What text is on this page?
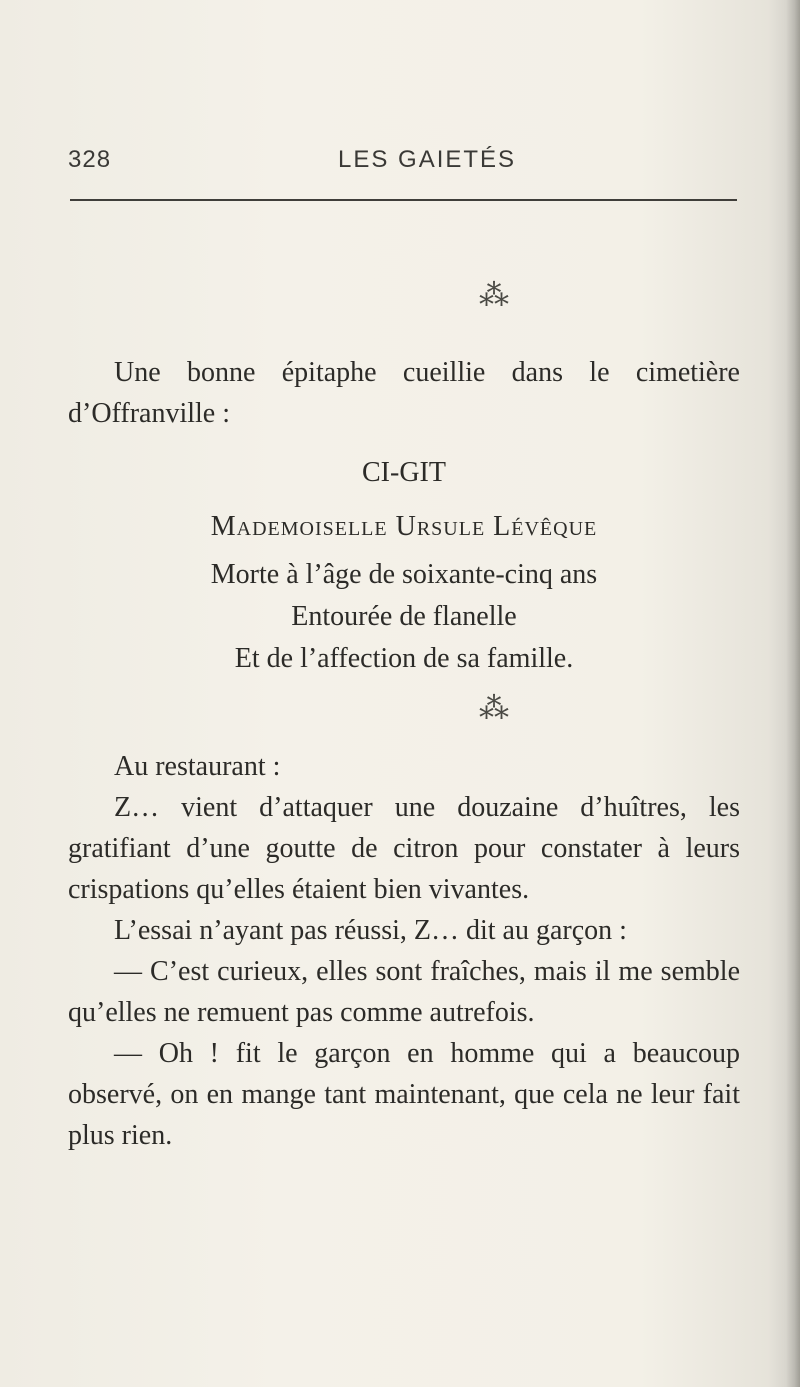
328	LES GAIETÉS
⁂

Une bonne épitaphe cueillie dans le cimetière d’Offranville :

CI-GIT
Mademoiselle Ursule Lévêque
Morte à l’âge de soixante-cinq ans
Entourée de flanelle
Et de l’affection de sa famille.
⁂

Au restaurant :

Z… vient d’attaquer une douzaine d’huîtres, les gratifiant d’une goutte de citron pour constater à leurs crispations qu’elles étaient bien vivantes.

L’essai n’ayant pas réussi, Z… dit au garçon :

— C’est curieux, elles sont fraîches, mais il me semble qu’elles ne remuent pas comme autrefois.

— Oh ! fit le garçon en homme qui a beaucoup observé, on en mange tant maintenant, que cela ne leur fait plus rien.
